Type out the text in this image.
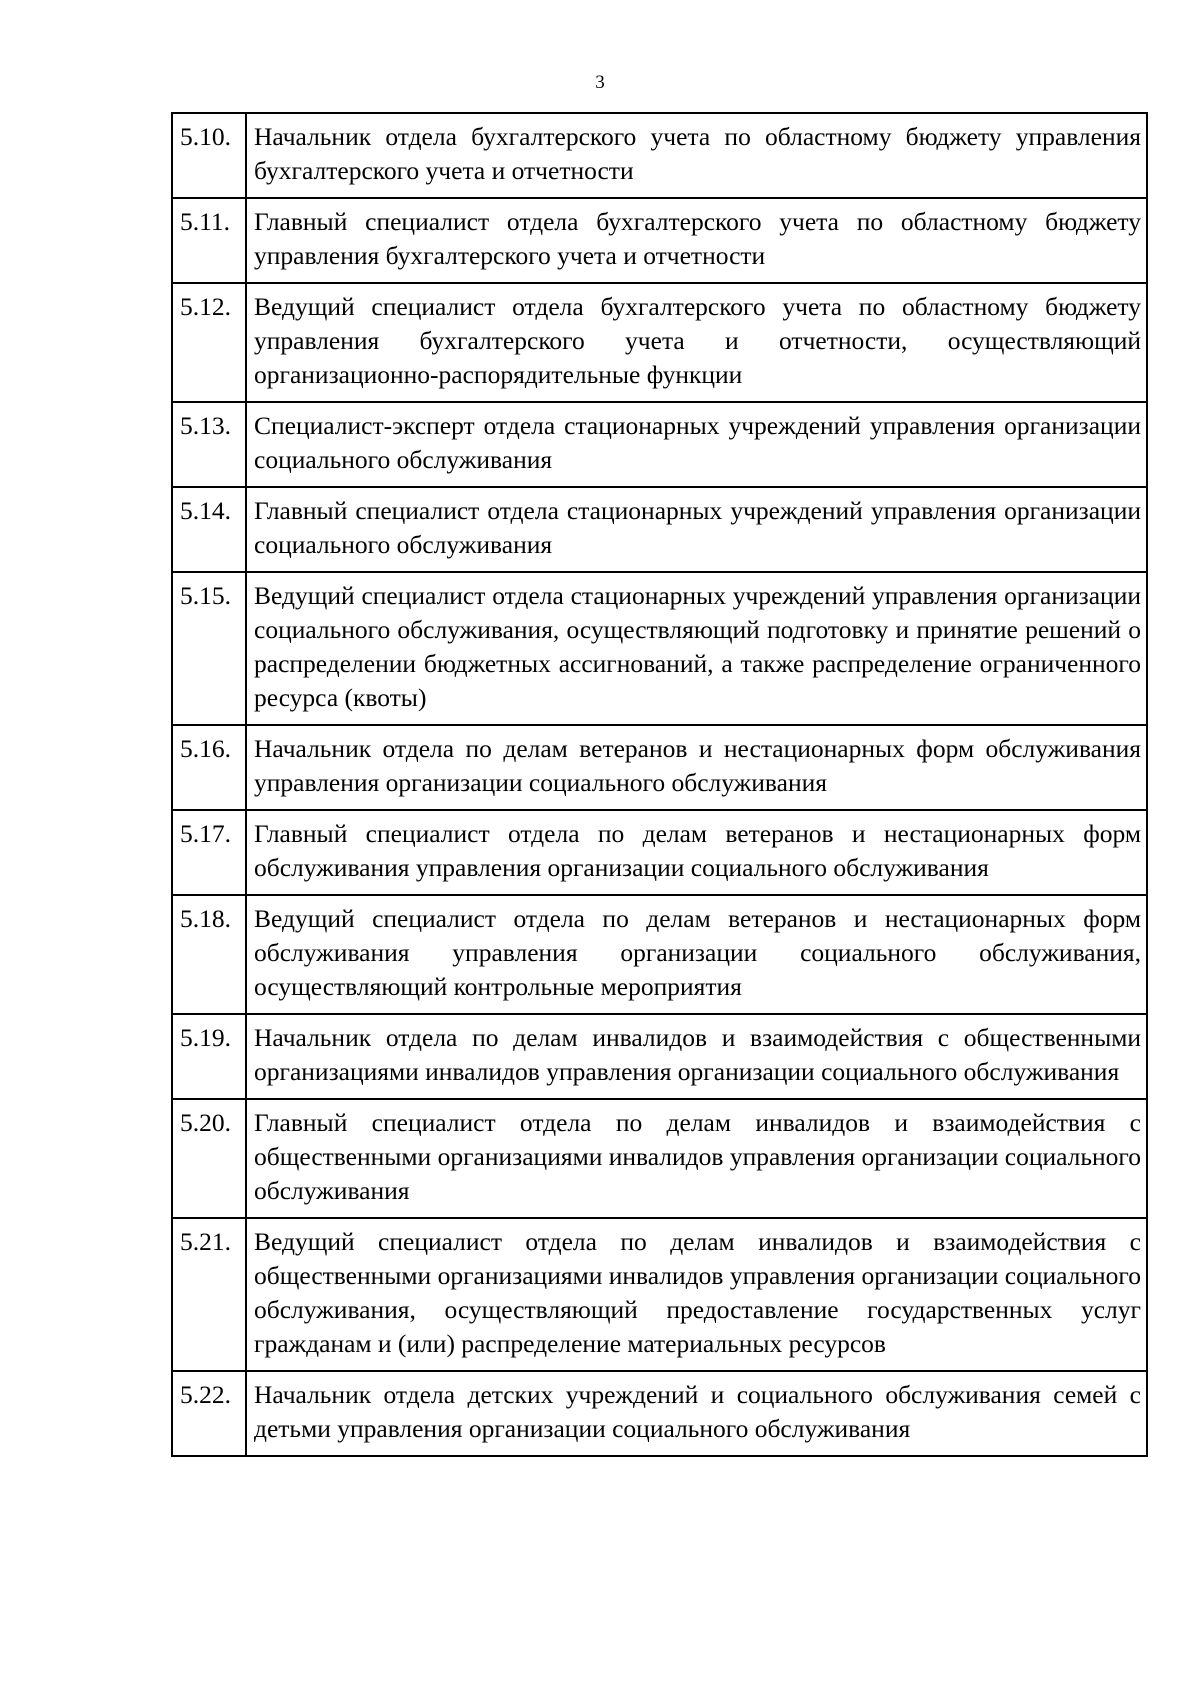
3
5.10.	Начальник отдела бухгалтерского учета по областному бюджету управления бухгалтерского учета и отчетности
5.11.	Главный специалист отдела бухгалтерского учета по областному бюджету управления бухгалтерского учета и отчетности
5.12.	Ведущий специалист отдела бухгалтерского учета по областному бюджету управления бухгалтерского учета и отчетности, осуществляющий организационно-распорядительные функции
5.13.	Специалист-эксперт отдела стационарных учреждений управления организации социального обслуживания
5.14.	Главный специалист отдела стационарных учреждений управления организации социального обслуживания
5.15.	Ведущий специалист отдела стационарных учреждений управления организации социального обслуживания, осуществляющий подготовку и принятие решений о распределении бюджетных ассигнований, а также распределение ограниченного ресурса (квоты)
5.16.	Начальник отдела по делам ветеранов и нестационарных форм обслуживания управления организации социального обслуживания
5.17.	Главный специалист отдела по делам ветеранов и нестационарных форм обслуживания управления организации социального обслуживания
5.18.	Ведущий специалист отдела по делам ветеранов и нестационарных форм обслуживания управления организации социального обслуживания, осуществляющий контрольные мероприятия
5.19.	Начальник отдела по делам инвалидов и взаимодействия с общественными организациями инвалидов управления организации социального обслуживания
5.20.	Главный специалист отдела по делам инвалидов и взаимодействия с общественными организациями инвалидов управления организации социального обслуживания
5.21.	Ведущий специалист отдела по делам инвалидов и взаимодействия с общественными организациями инвалидов управления организации социального обслуживания, осуществляющий предоставление государственных услуг гражданам и (или) распределение материальных ресурсов
5.22.	Начальник отдела детских учреждений и социального обслуживания семей с детьми управления организации социального обслуживания
